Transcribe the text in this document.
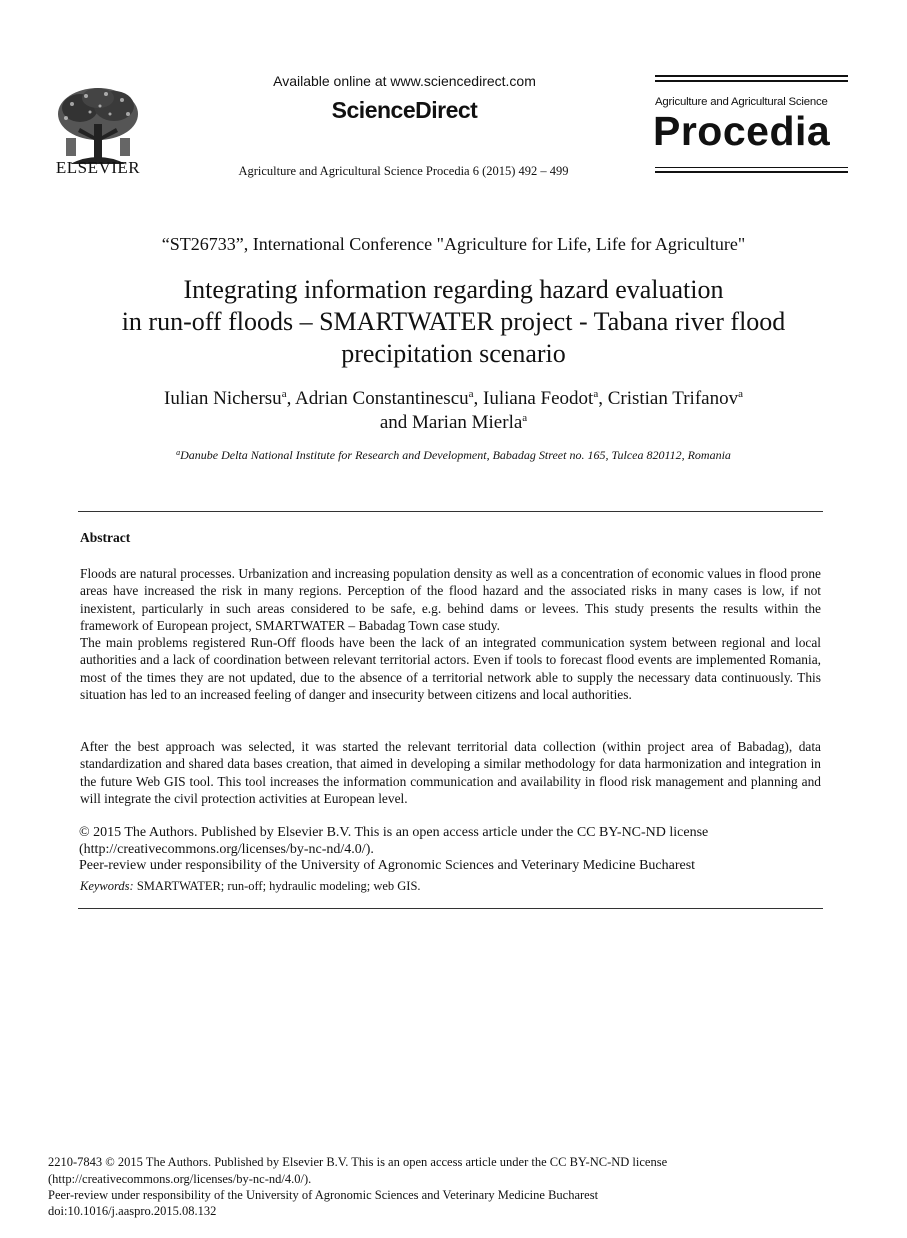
ELSEVIER
Available online at www.sciencedirect.com
ScienceDirect
Agriculture and Agricultural Science Procedia 6 (2015) 492 – 499
Agriculture and Agricultural Science
Procedia
“ST26733”, International Conference "Agriculture for Life, Life for Agriculture"
Integrating information regarding hazard evaluation
in run-off floods – SMARTWATER project - Tabana river flood
precipitation scenario
Iulian Nichersu$^a$, Adrian Constantinescu$^a$, Iuliana Feodot$^a$, Cristian Trifanov$^a$
and Marian Mierla$^a$
$^a$Danube Delta National Institute for Research and Development, Babadag Street no. 165, Tulcea 820112, Romania
Abstract
Floods are natural processes. Urbanization and increasing population density as well as a concentration of economic values in flood prone areas have increased the risk in many regions. Perception of the flood hazard and the associated risks in many cases is low, if not inexistent, particularly in such areas considered to be safe, e.g. behind dams or levees. This study presents the results within the framework of European project, SMARTWATER – Babadag Town case study.
The main problems registered Run-Off floods have been the lack of an integrated communication system between regional and local authorities and a lack of coordination between relevant territorial actors. Even if tools to forecast flood events are implemented Romania, most of the times they are not updated, due to the absence of a territorial network able to supply the necessary data continuously. This situation has led to an increased feeling of danger and insecurity between citizens and local authorities.
After the best approach was selected, it was started the relevant territorial data collection (within project area of Babadag), data standardization and shared data bases creation, that aimed in developing a similar methodology for data harmonization and integration in the future Web GIS tool. This tool increases the information communication and availability in flood risk management and planning and will integrate the civil protection activities at European level.
© 2015 The Authors. Published by Elsevier B.V. This is an open access article under the CC BY-NC-ND license
(http://creativecommons.org/licenses/by-nc-nd/4.0/).
Peer-review under responsibility of the University of Agronomic Sciences and Veterinary Medicine Bucharest
Keywords: SMARTWATER; run-off; hydraulic modeling; web GIS.
2210-7843 © 2015 The Authors. Published by Elsevier B.V. This is an open access article under the CC BY-NC-ND license
(http://creativecommons.org/licenses/by-nc-nd/4.0/).
Peer-review under responsibility of the University of Agronomic Sciences and Veterinary Medicine Bucharest
doi:10.1016/j.aaspro.2015.08.132
